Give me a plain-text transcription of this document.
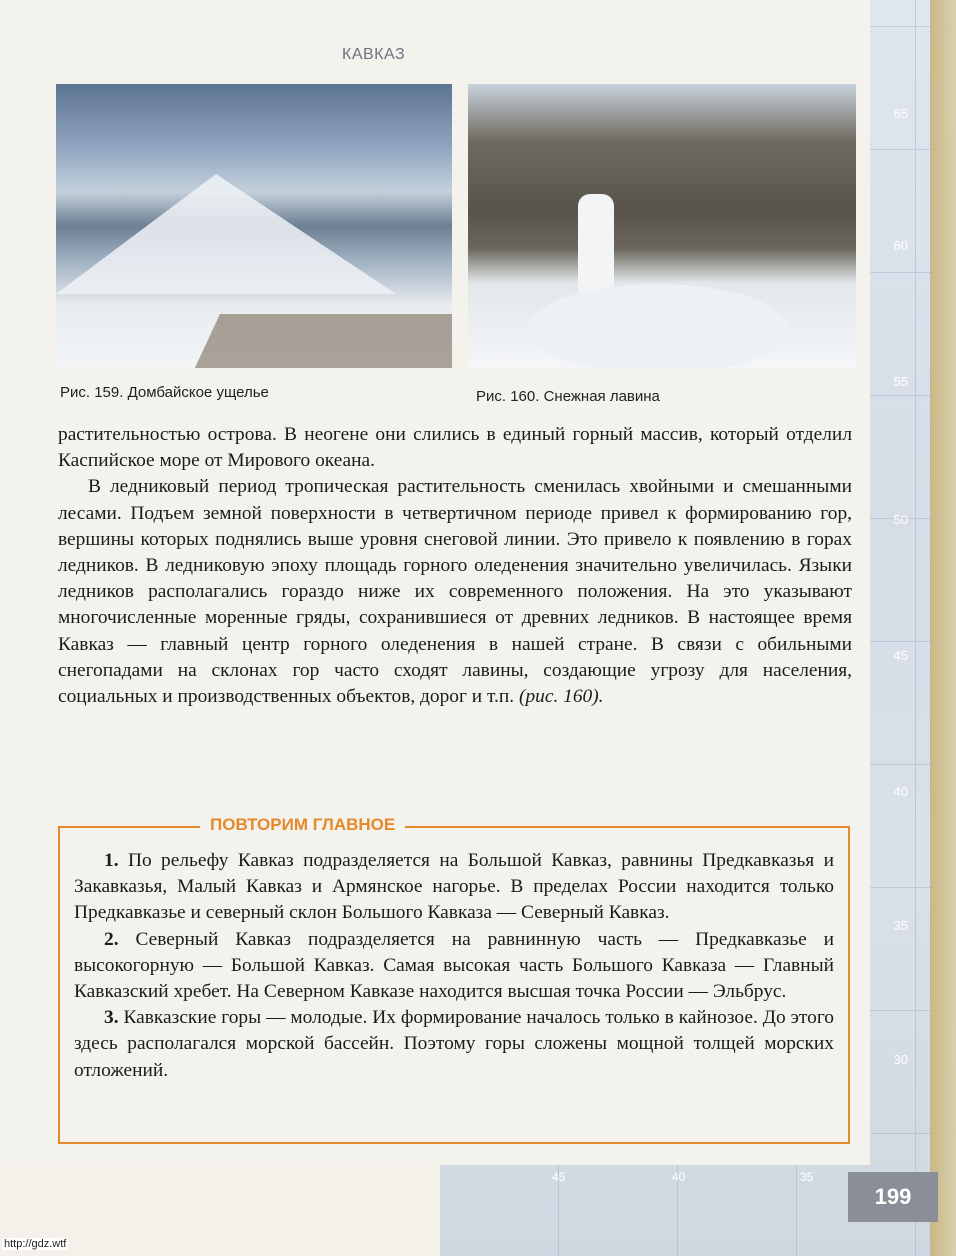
45	40	35
65
60
55
50
45
40
35
30
КАВКАЗ
Рис. 159. Домбайское ущелье	Рис. 160. Снежная лавина

растительностью острова. В неогене они слились в единый горный массив, который отделил Каспийское море от Мирового океана.

В ледниковый период тропическая растительность сменилась хвойными и смешанными лесами. Подъем земной поверхности в четвертичном периоде привел к формированию гор, вершины которых поднялись выше уровня снеговой линии. Это привело к появлению в горах ледников. В ледниковую эпоху площадь горного оледенения значительно увеличилась. Языки ледников располагались гораздо ниже их современного положения. На это указывают многочисленные моренные гряды, сохранившиеся от древних ледников. В настоящее время Кавказ — главный центр горного оледенения в нашей стране. В связи с обильными снегопадами на склонах гор часто сходят лавины, создающие угрозу для населения, социальных и производственных объектов, дорог и т.п. (рис. 160).

ПОВТОРИМ ГЛАВНОЕ

1. По рельефу Кавказ подразделяется на Большой Кавказ, равнины Предкавказья и Закавказья, Малый Кавказ и Армянское нагорье. В пределах России находится только Предкавказье и северный склон Большого Кавказа — Северный Кавказ.

2. Северный Кавказ подразделяется на равнинную часть — Предкавказье и высокогорную — Большой Кавказ. Самая высокая часть Большого Кавказа — Главный Кавказский хребет. На Северном Кавказе находится высшая точка России — Эльбрус.

3. Кавказские горы — молодые. Их формирование началось только в кайнозое. До этого здесь располагался морской бассейн. Поэтому горы сложены мощной толщей морских отложений.

199
http://gdz.wtf
